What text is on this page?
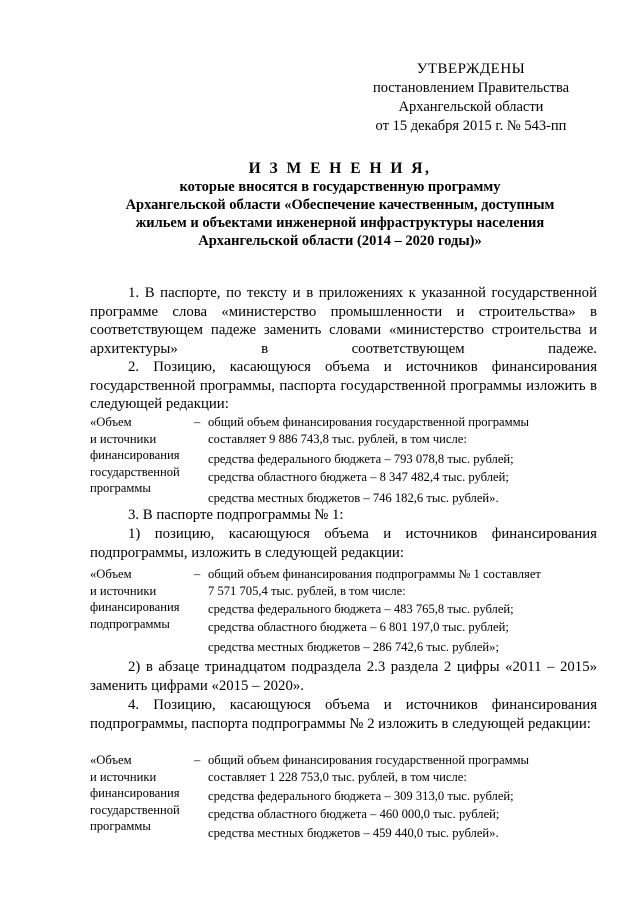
УТВЕРЖДЕНЫ
постановлением Правительства
Архангельской области
от 15 декабря 2015 г. № 543-пп
И З М Е Н Е Н И Я,
которые вносятся в государственную программу
Архангельской области «Обеспечение качественным, доступным
жильем и объектами инженерной инфраструктуры населения
Архангельской области (2014 – 2020 годы)»
1. В паспорте, по тексту и в приложениях к указанной государственной программе слова «министерство промышленности и строительства» в соответствующем падеже заменить словами «министерство строительства и архитектуры» в соответствующем падеже.
2. Позицию, касающуюся объема и источников финансирования государственной программы, паспорта государственной программы изложить в следующей редакции:
«Объем
и источники
финансирования
государственной
программы
– общий объем финансирования государственной программы
составляет 9 886 743,8 тыс. рублей, в том числе:
средства федерального бюджета – 793 078,8 тыс. рублей;
средства областного бюджета – 8 347 482,4 тыс. рублей;
средства местных бюджетов – 746 182,6 тыс. рублей».
3. В паспорте подпрограммы № 1:
1) позицию, касающуюся объема и источников финансирования подпрограммы, изложить в следующей редакции:
«Объем
и источники
финансирования
подпрограммы
– общий объем финансирования подпрограммы № 1 составляет
7 571 705,4 тыс. рублей, в том числе:
средства федерального бюджета – 483 765,8 тыс. рублей;
средства областного бюджета – 6 801 197,0 тыс. рублей;
средства местных бюджетов – 286 742,6 тыс. рублей»;
2) в абзаце тринадцатом подраздела 2.3 раздела 2 цифры «2011 – 2015» заменить цифрами «2015 – 2020».
4. Позицию, касающуюся объема и источников финансирования подпрограммы, паспорта подпрограммы № 2 изложить в следующей редакции:
«Объем
и источники
финансирования
государственной
программы
– общий объем финансирования государственной программы
составляет 1 228 753,0 тыс. рублей, в том числе:
средства федерального бюджета – 309 313,0 тыс. рублей;
средства областного бюджета – 460 000,0 тыс. рублей;
средства местных бюджетов – 459 440,0 тыс. рублей».
